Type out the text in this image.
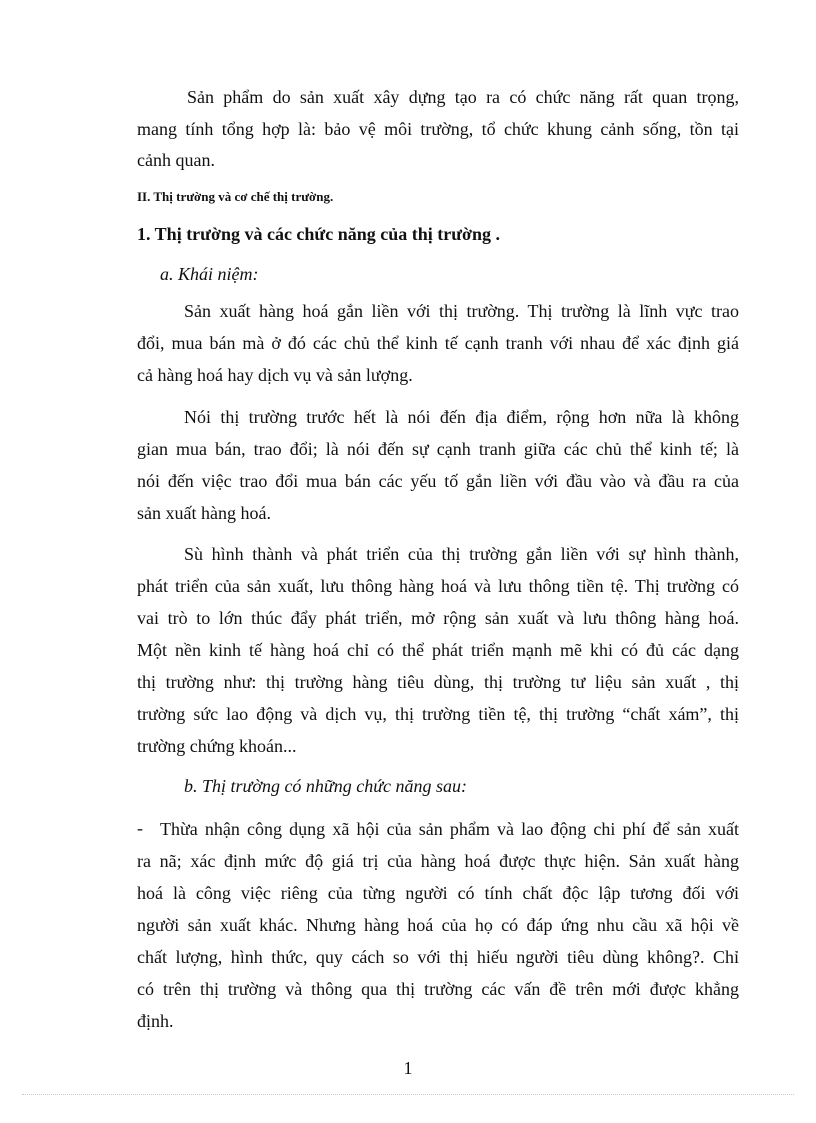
Sản phẩm do sản xuất xây dựng tạo ra có chức năng rất quan trọng,
mang tính tổng hợp là: bảo vệ môi trường, tổ chức khung cảnh sống, tồn tại
cảnh quan.
II. Thị trường và cơ chế thị trường.
1. Thị trường và các chức năng của thị trường .
a. Khái niệm:
Sản xuất hàng hoá gắn liền với thị trường. Thị trường là lĩnh vực trao
đổi, mua bán mà ở đó các chủ thể kinh tế cạnh tranh với nhau để xác định giá
cả hàng hoá hay dịch vụ và sản lượng.
Nói thị trường trước hết là nói đến địa điểm, rộng hơn nữa là không
gian mua bán, trao đổi; là nói đến sự cạnh tranh giữa các chủ thể kinh tế; là
nói đến việc trao đổi mua bán các yếu tố gắn liền với đầu vào và đầu ra của
sản xuất hàng hoá.
Sù hình thành và phát triển của thị trường gắn liền với sự hình thành,
phát triển của sản xuất, lưu thông hàng hoá và lưu thông tiền tệ. Thị trường có
vai trò to lớn thúc đẩy phát triển, mở rộng sản xuất và lưu thông hàng hoá.
Một nền kinh tế hàng hoá chỉ có thể phát triển mạnh mẽ khi có đủ các dạng
thị trường như: thị trường hàng tiêu dùng, thị trường tư liệu sản xuất , thị
trường sức lao động và dịch vụ, thị trường tiền tệ, thị trường “chất xám”, thị
trường chứng khoán...
b. Thị trường có những chức năng sau:
- Thừa nhận công dụng xã hội của sản phẩm và lao động chi phí để sản xuất
ra nã; xác định mức độ giá trị của hàng hoá được thực hiện. Sản xuất hàng
hoá là công việc riêng của từng người có tính chất độc lập tương đối với
người sản xuất khác. Nhưng hàng hoá của họ có đáp ứng nhu cầu xã hội về
chất lượng, hình thức, quy cách so với thị hiếu người tiêu dùng không?. Chỉ
có trên thị trường và thông qua thị trường các vấn đề trên mới được khẳng
định.
1
